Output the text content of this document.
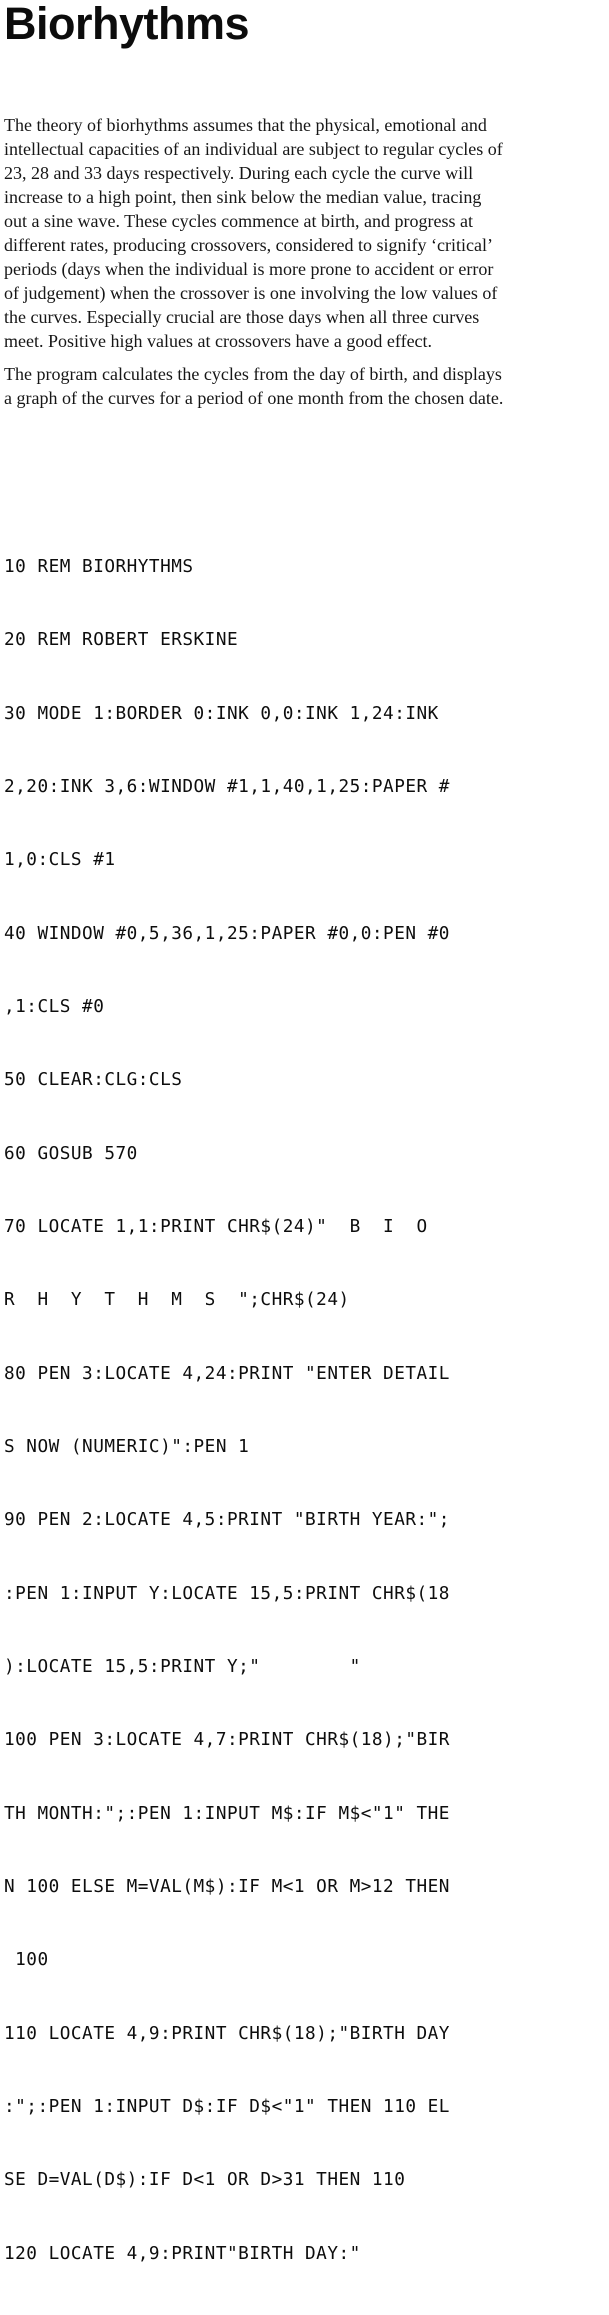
Biorhythms

The theory of biorhythms assumes that the physical, emotional and
intellectual capacities of an individual are subject to regular cycles of
23, 28 and 33 days respectively. During each cycle the curve will
increase to a high point, then sink below the median value, tracing
out a sine wave. These cycles commence at birth, and progress at
different rates, producing crossovers, considered to signify ‘critical’
periods (days when the individual is more prone to accident or error
of judgement) when the crossover is one involving the low values of
the curves. Especially crucial are those days when all three curves
meet. Positive high values at crossovers have a good effect.

The program calculates the cycles from the day of birth, and displays
a graph of the curves for a period of one month from the chosen date.

10 REM BIORHYTHMS

20 REM ROBERT ERSKINE

30 MODE 1:BORDER 0:INK 0,0:INK 1,24:INK

2,20:INK 3,6:WINDOW #1,1,40,1,25:PAPER #

1,0:CLS #1

40 WINDOW #0,5,36,1,25:PAPER #0,0:PEN #0

,1:CLS #0

50 CLEAR:CLG:CLS

60 GOSUB 570

70 LOCATE 1,1:PRINT CHR$(24)"  B  I  O

R  H  Y  T  H  M  S  ";CHR$(24)

80 PEN 3:LOCATE 4,24:PRINT "ENTER DETAIL

S NOW (NUMERIC)":PEN 1

90 PEN 2:LOCATE 4,5:PRINT "BIRTH YEAR:";

:PEN 1:INPUT Y:LOCATE 15,5:PRINT CHR$(18

):LOCATE 15,5:PRINT Y;"        "

100 PEN 3:LOCATE 4,7:PRINT CHR$(18);"BIR

TH MONTH:";:PEN 1:INPUT M$:IF M$<"1" THE

N 100 ELSE M=VAL(M$):IF M<1 OR M>12 THEN

100

110 LOCATE 4,9:PRINT CHR$(18);"BIRTH DAY

:";:PEN 1:INPUT D$:IF D$<"1" THEN 110 EL

SE D=VAL(D$):IF D<1 OR D>31 THEN 110

120 LOCATE 4,9:PRINT"BIRTH DAY:"
